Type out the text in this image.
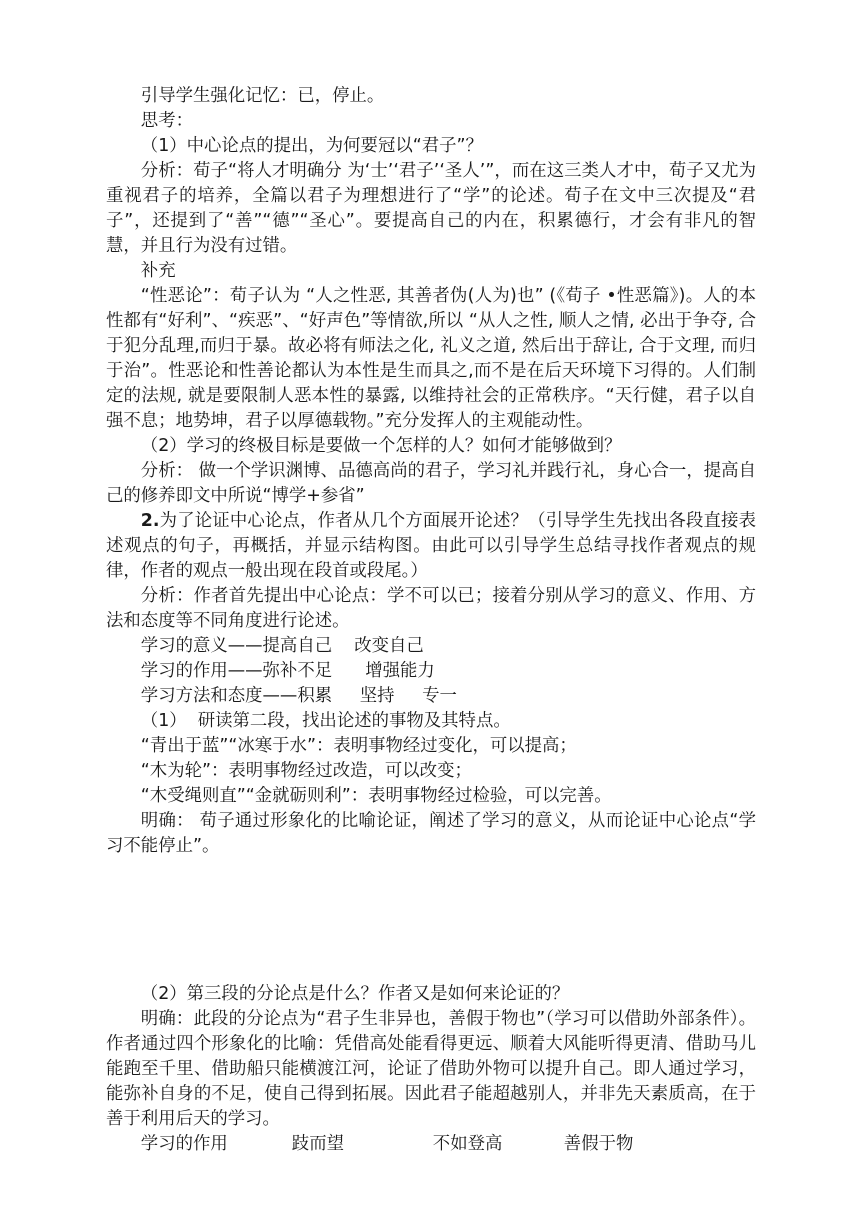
引导学生强化记忆：已，停止。

思考：

（1）中心论点的提出，为何要冠以“君子”？

分析：荀子“将人才明确分 为‘士’‘君子’‘圣人’”，而在这三类人才中，荀子又尤为重视君子的培养，全篇以君子为理想进行了“学”的论述。荀子在文中三次提及“君子”，还提到了“善”“德”“圣心”。要提高自己的内在，积累德行，才会有非凡的智慧，并且行为没有过错。

补充

“性恶论”：荀子认为 “人之性恶, 其善者伪(人为)也” (《荀子 •性恶篇》)。人的本性都有“好利”、“疾恶”、“好声色”等情欲,所以 “从人之性, 顺人之情, 必出于争夺, 合于犯分乱理,而归于暴。故必将有师法之化, 礼义之道, 然后出于辞让, 合于文理, 而归于治”。性恶论和性善论都认为本性是生而具之,而不是在后天环境下习得的。人们制定的法规, 就是要限制人恶本性的暴露, 以维持社会的正常秩序。“天行健，君子以自强不息；地势坤，君子以厚德载物。”充分发挥人的主观能动性。

（2）学习的终极目标是要做一个怎样的人？如何才能够做到？

分析： 做一个学识渊博、品德高尚的君子，学习礼并践行礼，身心合一，提高自己的修养即文中所说“博学+参省”

2.为了论证中心论点，作者从几个方面展开论述？（引导学生先找出各段直接表述观点的句子，再概括，并显示结构图。由此可以引导学生总结寻找作者观点的规律，作者的观点一般出现在段首或段尾。）

分析：作者首先提出中心论点：学不可以已；接着分别从学习的意义、作用、方法和态度等不同角度进行论述。

学习的意义——提高自己    改变自己

学习的作用——弥补不足      增强能力

学习方法和态度——积累     坚持     专一

（1）  研读第二段，找出论述的事物及其特点。

“青出于蓝”“冰寒于水”：表明事物经过变化，可以提高；

“木为轮”：表明事物经过改造，可以改变；

“木受绳则直”“金就砺则利”：表明事物经过检验，可以完善。

明确： 荀子通过形象化的比喻论证，阐述了学习的意义，从而论证中心论点“学习不能停止”。

（2）第三段的分论点是什么？作者又是如何来论证的？

明确：此段的分论点为“君子生非异也，善假于物也”（学习可以借助外部条件）。作者通过四个形象化的比喻：凭借高处能看得更远、顺着大风能听得更清、借助马儿能跑至千里、借助船只能横渡江河，论证了借助外物可以提升自己。即人通过学习，能弥补自身的不足，使自己得到拓展。因此君子能超越别人，并非先天素质高，在于善于利用后天的学习。

学习的作用	跂而望	不如登高	善假于物
